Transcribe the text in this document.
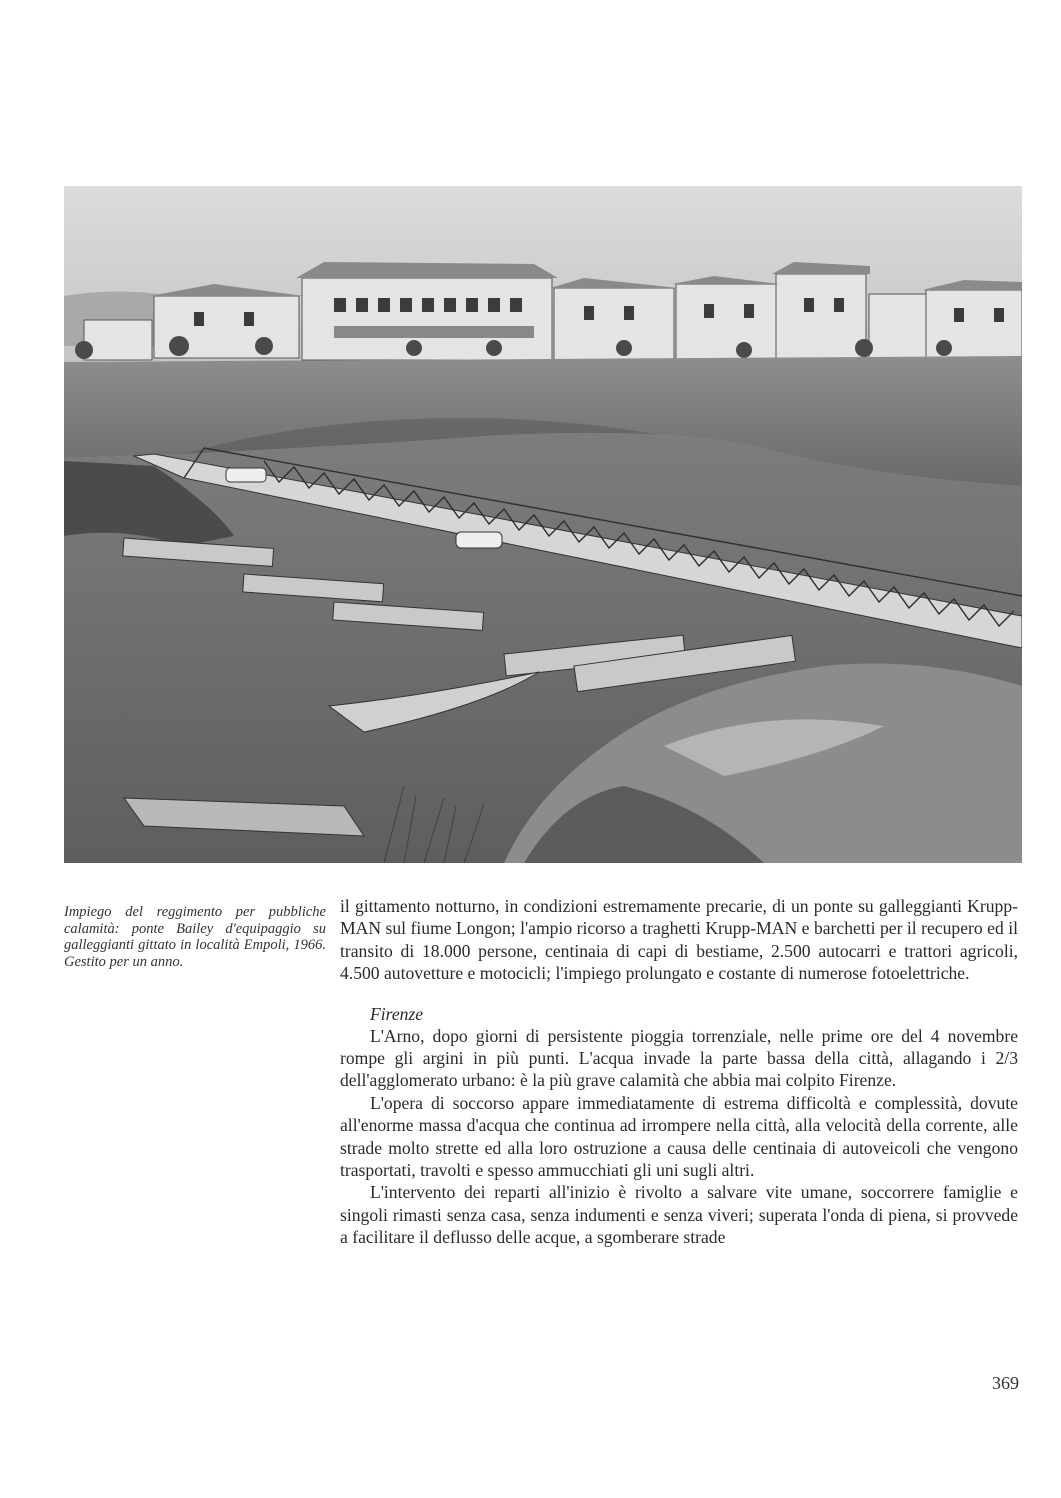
Impiego del reggimento per pubbliche calamità: ponte Bailey d'equipaggio su galleggianti gittato in località Empoli, 1966. Gestito per un anno.

il gittamento notturno, in condizioni estremamente precarie, di un ponte su galleggianti Krupp-MAN sul fiume Longon; l'ampio ricorso a traghetti Krupp-MAN e barchetti per il recupero ed il transito di 18.000 persone, centinaia di capi di bestiame, 2.500 autocarri e trattori agricoli, 4.500 autovetture e motocicli; l'impiego prolungato e costante di numerose fotoelettriche.

Firenze

L'Arno, dopo giorni di persistente pioggia torrenziale, nelle prime ore del 4 novembre rompe gli argini in più punti. L'acqua invade la parte bassa della città, allagando i 2/3 dell'agglomerato urbano: è la più grave calamità che abbia mai colpito Firenze.

L'opera di soccorso appare immediatamente di estrema difficoltà e complessità, dovute all'enorme massa d'acqua che continua ad irrompere nella città, alla velocità della corrente, alle strade molto strette ed alla loro ostruzione a causa delle centinaia di autoveicoli che vengono trasportati, travolti e spesso ammucchiati gli uni sugli altri.

L'intervento dei reparti all'inizio è rivolto a salvare vite umane, soccorrere famiglie e singoli rimasti senza casa, senza indumenti e senza viveri; superata l'onda di piena, si provvede a facilitare il deflusso delle acque, a sgomberare strade

369
